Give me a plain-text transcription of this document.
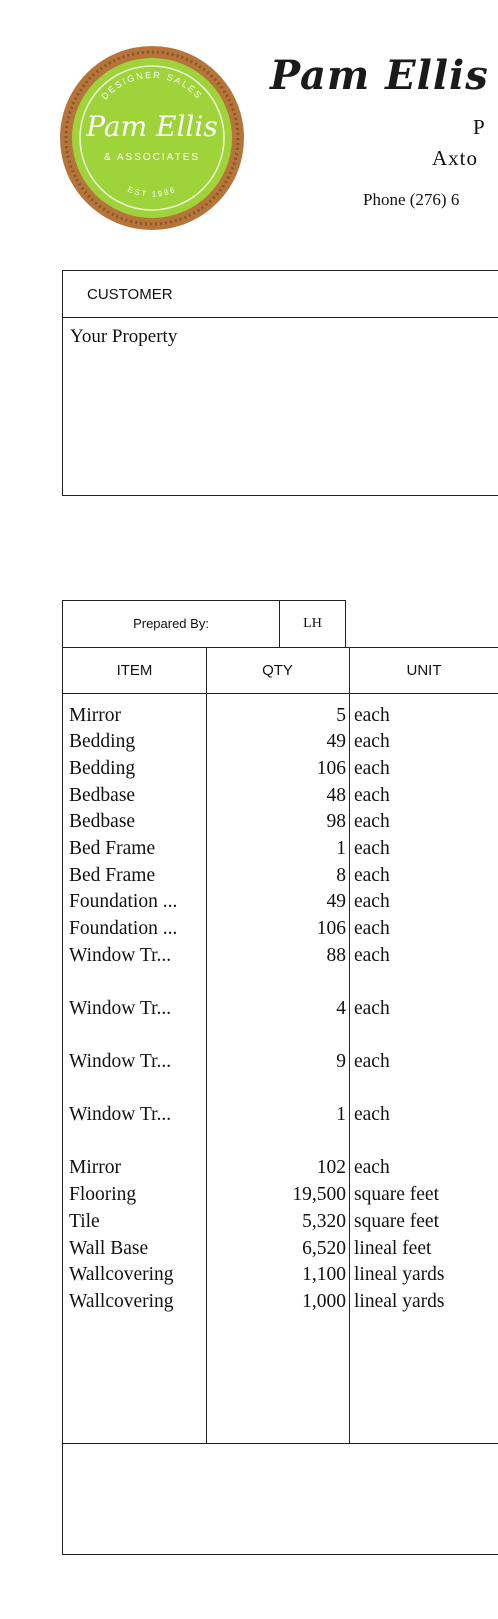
DESIGNER SALES
Pam Ellis
& ASSOCIATES
EST 1986
Pam Ellis
P
Axto
Phone (276) 6
CUSTOMER
Your Property
Prepared By:	LH
ITEM	QTY	UNIT
Mirror	5 each
Bedding	49 each
Bedding	106 each
Bedbase	48 each
Bedbase	98 each
Bed Frame	1 each
Bed Frame	8 each
Foundation ...	49 each
Foundation ...	106 each
Window Tr...	88 each
Window Tr...	4 each
Window Tr...	9 each
Window Tr...	1 each
Mirror	102 each
Flooring	19,500 square feet
Tile	5,320 square feet
Wall Base	6,520 lineal feet
Wallcovering	1,100 lineal yards
Wallcovering	1,000 lineal yards
